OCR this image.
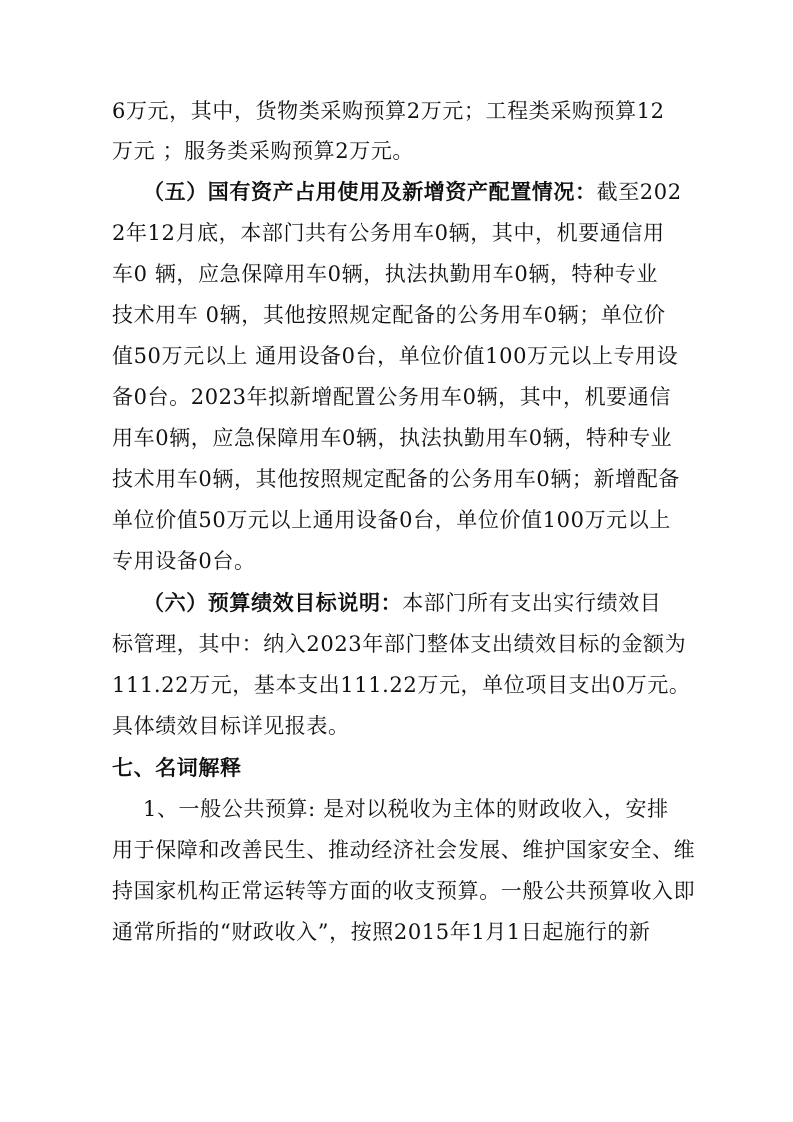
6万元，其中，货物类采购预算2万元；工程类采购预算12
万元 ；服务类采购预算2万元。
（五）国有资产占用使用及新增资产配置情况：截至202
2年12月底，本部门共有公务用车0辆，其中，机要通信用
车0 辆，应急保障用车0辆，执法执勤用车0辆，特种专业
技术用车 0辆，其他按照规定配备的公务用车0辆；单位价
值50万元以上 通用设备0台，单位价值100万元以上专用设
备0台。2023年拟新增配置公务用车0辆，其中，机要通信
用车0辆，应急保障用车0辆，执法执勤用车0辆，特种专业
技术用车0辆，其他按照规定配备的公务用车0辆；新增配备
单位价值50万元以上通用设备0台，单位价值100万元以上
专用设备0台。
（六）预算绩效目标说明：本部门所有支出实行绩效目
标管理，其中：纳入2023年部门整体支出绩效目标的金额为
111.22万元，基本支出111.22万元，单位项目支出0万元。
具体绩效目标详见报表。
七、名词解释
1、一般公共预算: 是对以税收为主体的财政收入，安排
用于保障和改善民生、推动经济社会发展、维护国家安全、维
持国家机构正常运转等方面的收支预算。一般公共预算收入即
通常所指的“财政收入”，按照2015年1月1日起施行的新
